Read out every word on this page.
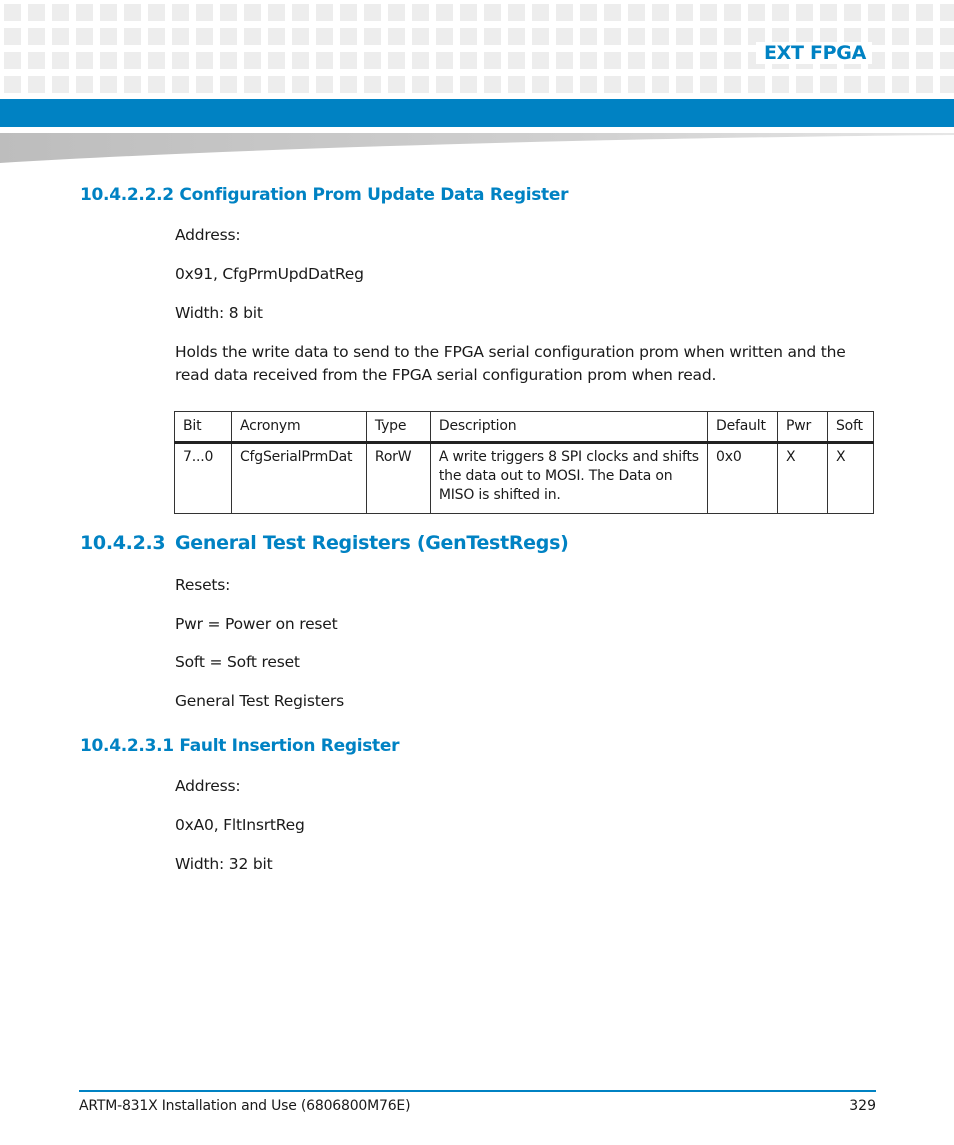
EXT FPGA
10.4.2.2.2 Configuration Prom Update Data Register
Address:
0x91, CfgPrmUpdDatReg
Width: 8 bit
Holds the write data to send to the FPGA serial configuration prom when written and the read data received from the FPGA serial configuration prom when read.
Bit	Acronym	Type	Description	Default	Pwr	Soft
7...0	CfgSerialPrmDat	RorW	A write triggers 8 SPI clocks and shifts the data out to MOSI. The Data on MISO is shifted in.	0x0	X	X
10.4.2.3 General Test Registers (GenTestRegs)
Resets:
Pwr = Power on reset
Soft = Soft reset
General Test Registers
10.4.2.3.1 Fault Insertion Register
Address:
0xA0, FltInsrtReg
Width: 32 bit
ARTM-831X Installation and Use (6806800M76E)	329
